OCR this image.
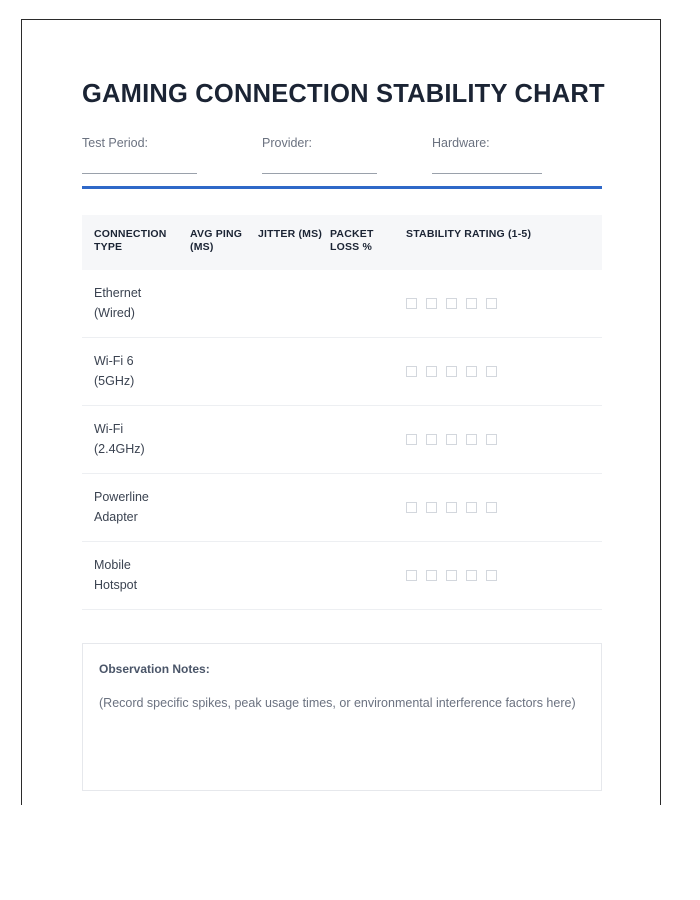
GAMING CONNECTION STABILITY CHART
Test Period:	Provider:	Hardware:
CONNECTION TYPE	AVG PING (MS)	JITTER (MS)	PACKET LOSS %	STABILITY RATING (1-5)

Ethernet
(Wired)				

Wi-Fi 6
(5GHz)				

Wi-Fi
(2.4GHz)				

Powerline
Adapter				

Mobile
Hotspot				

Observation Notes:
(Record specific spikes, peak usage times, or environmental interference factors here)
